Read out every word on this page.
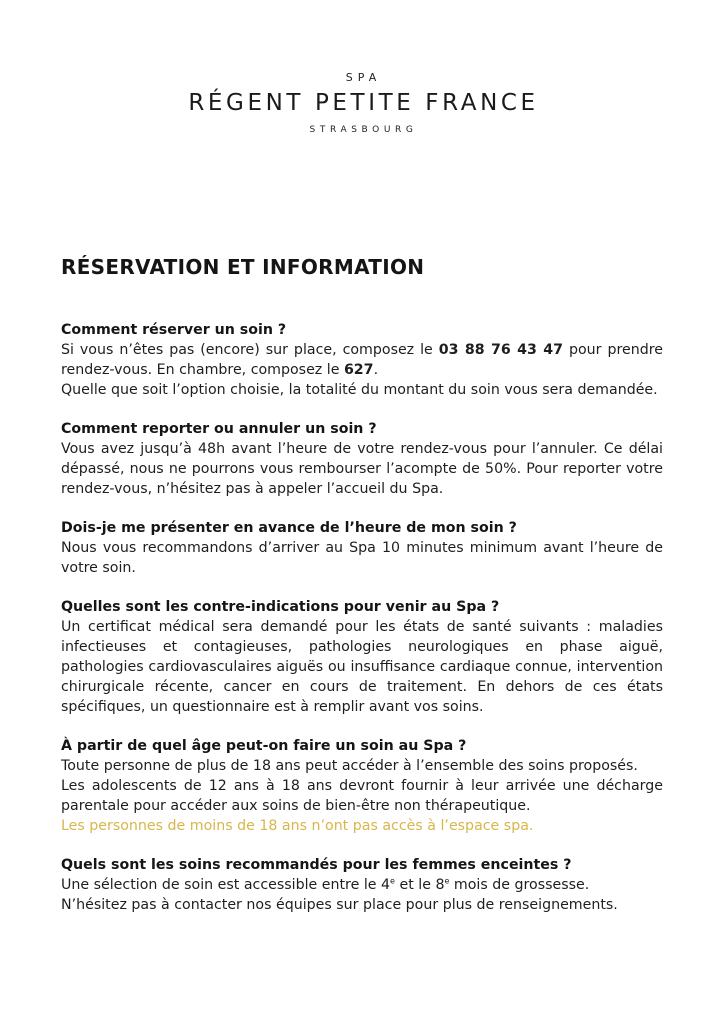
SPA
RÉGENT PETITE FRANCE
STRASBOURG
RÉSERVATION ET INFORMATION
Comment réserver un soin ?
Si vous n’êtes pas (encore) sur place, composez le 03 88 76 43 47 pour prendre
rendez-vous. En chambre, composez le 627.
Quelle que soit l’option choisie, la totalité du montant du soin vous sera demandée.
Comment reporter ou annuler un soin ?
Vous avez jusqu’à 48h avant l’heure de votre rendez-vous pour l’annuler. Ce délai dépassé, nous ne pourrons vous rembourser l’acompte de 50%. Pour reporter votre rendez-vous, n’hésitez pas à appeler l’accueil du Spa.
Dois-je me présenter en avance de l’heure de mon soin ?
Nous vous recommandons d’arriver au Spa 10 minutes minimum avant l’heure de votre soin.
Quelles sont les contre-indications pour venir au Spa ?
Un certificat médical sera demandé pour les états de santé suivants : maladies infectieuses et contagieuses, pathologies neurologiques en phase aiguë, pathologies cardiovasculaires aiguës ou insuffisance cardiaque connue, intervention chirurgicale récente, cancer en cours de traitement. En dehors de ces états spécifiques, un questionnaire est à remplir avant vos soins.
À partir de quel âge peut-on faire un soin au Spa ?
Toute personne de plus de 18 ans peut accéder à l’ensemble des soins proposés.
Les adolescents de 12 ans à 18 ans devront fournir à leur arrivée une décharge parentale pour accéder aux soins de bien-être non thérapeutique.
Les personnes de moins de 18 ans n’ont pas accès à l’espace spa.
Quels sont les soins recommandés pour les femmes enceintes ?
Une sélection de soin est accessible entre le 4e et le 8e mois de grossesse.
N’hésitez pas à contacter nos équipes sur place pour plus de renseignements.
